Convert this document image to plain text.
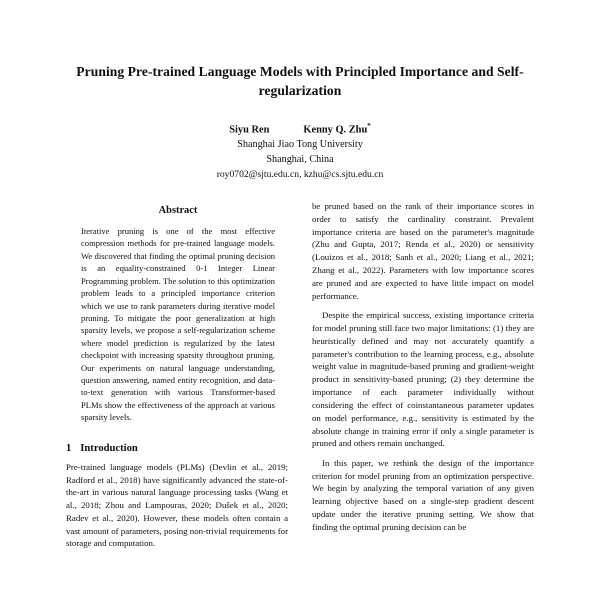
Pruning Pre-trained Language Models with Principled Importance and Self-regularization
Siyu Ren	Kenny Q. Zhu*
Shanghai Jiao Tong University
Shanghai, China
roy0702@sjtu.edu.cn, kzhu@cs.sjtu.edu.cn
Abstract
Iterative pruning is one of the most effective compression methods for pre-trained language models. We discovered that finding the optimal pruning decision is an equality-constrained 0-1 Integer Linear Programming problem. The solution to this optimization problem leads to a principled importance criterion which we use to rank parameters during iterative model pruning. To mitigate the poor generalization at high sparsity levels, we propose a self-regularization scheme where model prediction is regularized by the latest checkpoint with increasing sparsity throughout pruning. Our experiments on natural language understanding, question answering, named entity recognition, and data-to-text generation with various Transformer-based PLMs show the effectiveness of the approach at various sparsity levels.
1 Introduction

Pre-trained language models (PLMs) (Devlin et al., 2019; Radford et al., 2018) have significantly advanced the state-of-the-art in various natural language processing tasks (Wang et al., 2018; Zhou and Lampouras, 2020; Dušek et al., 2020; Radev et al., 2020). However, these models often contain a vast amount of parameters, posing non-trivial requirements for storage and computation.

be pruned based on the rank of their importance scores in order to satisfy the cardinality constraint. Prevalent importance criteria are based on the parameter's magnitude (Zhu and Gupta, 2017; Renda et al., 2020) or sensitivity (Louizos et al., 2018; Sanh et al., 2020; Liang et al., 2021; Zhang et al., 2022). Parameters with low importance scores are pruned and are expected to have little impact on model performance.

Despite the empirical success, existing importance criteria for model pruning still face two major limitations: (1) they are heuristically defined and may not accurately quantify a parameter's contribution to the learning process, e.g., absolute weight value in magnitude-based pruning and gradient-weight product in sensitivity-based pruning; (2) they determine the importance of each parameter individually without considering the effect of coinstantaneous parameter updates on model performance, e.g., sensitivity is estimated by the absolute change in training error if only a single parameter is pruned and others remain unchanged.

In this paper, we rethink the design of the importance criterion for model pruning from an optimization perspective. We begin by analyzing the temporal variation of any given learning objective based on a single-step gradient descent update under the iterative pruning setting. We show that finding the optimal pruning decision can be
